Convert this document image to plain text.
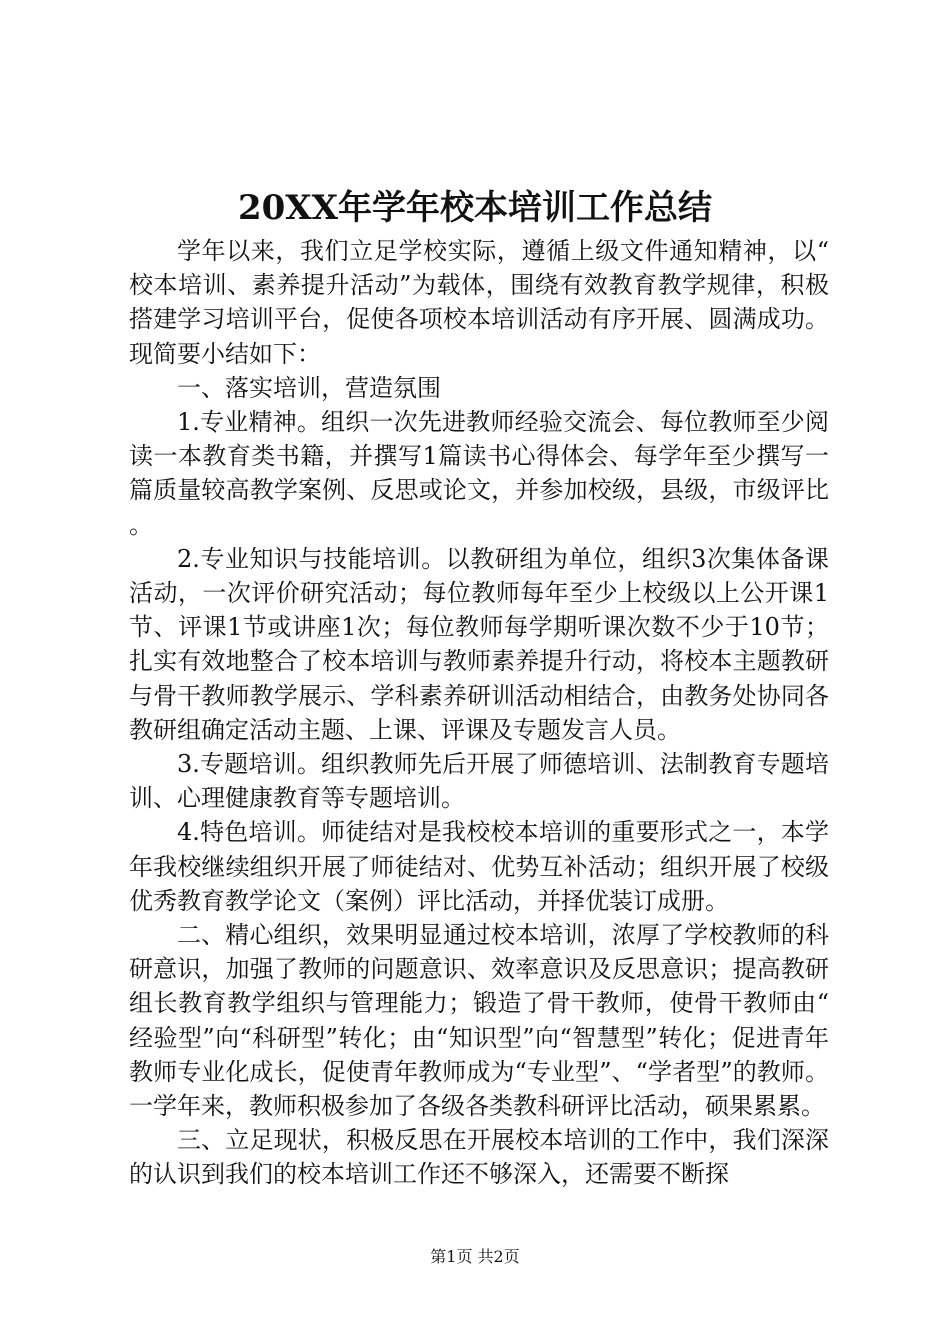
20XX年学年校本培训工作总结

学年以来，我们立足学校实际，遵循上级文件通知精神，以“校本培训、素养提升活动”为载体，围绕有效教育教学规律，积极搭建学习培训平台，促使各项校本培训活动有序开展、圆满成功。现简要小结如下：

一、落实培训，营造氛围

1.专业精神。组织一次先进教师经验交流会、每位教师至少阅读一本教育类书籍，并撰写1篇读书心得体会、每学年至少撰写一篇质量较高教学案例、反思或论文，并参加校级，县级，市级评比。

2.专业知识与技能培训。以教研组为单位，组织3次集体备课活动，一次评价研究活动；每位教师每年至少上校级以上公开课1节、评课1节或讲座1次；每位教师每学期听课次数不少于10节；扎实有效地整合了校本培训与教师素养提升行动，将校本主题教研与骨干教师教学展示、学科素养研训活动相结合，由教务处协同各教研组确定活动主题、上课、评课及专题发言人员。

3.专题培训。组织教师先后开展了师德培训、法制教育专题培训、心理健康教育等专题培训。

4.特色培训。师徒结对是我校校本培训的重要形式之一，本学年我校继续组织开展了师徒结对、优势互补活动；组织开展了校级优秀教育教学论文（案例）评比活动，并择优装订成册。

二、精心组织，效果明显通过校本培训，浓厚了学校教师的科研意识，加强了教师的问题意识、效率意识及反思意识；提高教研组长教育教学组织与管理能力；锻造了骨干教师，使骨干教师由“经验型”向“科研型”转化；由“知识型”向“智慧型”转化；促进青年教师专业化成长，促使青年教师成为“专业型”、“学者型”的教师。一学年来，教师积极参加了各级各类教科研评比活动，硕果累累。

三、立足现状，积极反思在开展校本培训的工作中，我们深深的认识到我们的校本培训工作还不够深入，还需要不断探

第1页 共2页
